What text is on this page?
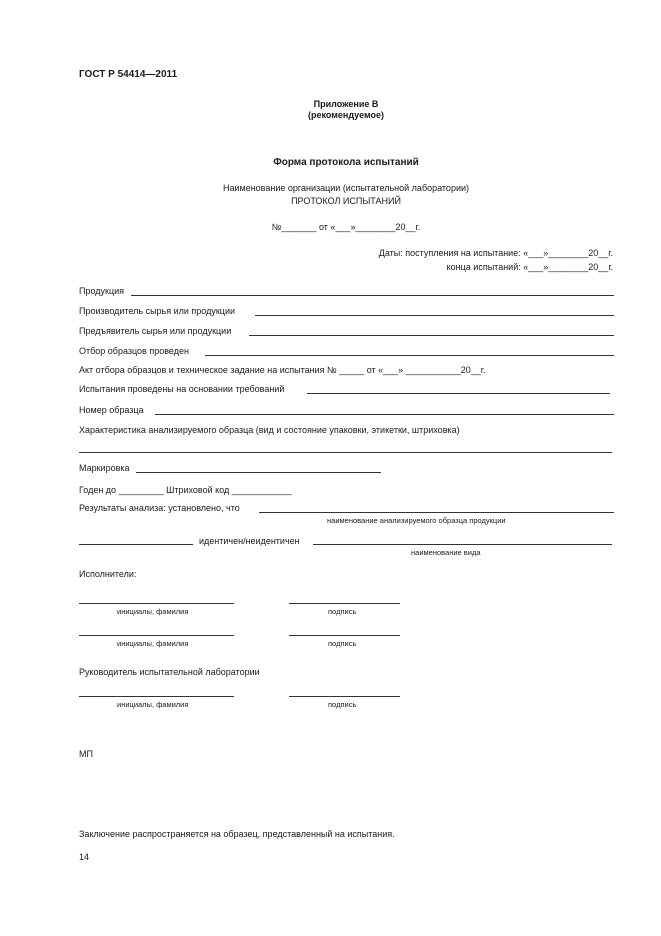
ГОСТ Р 54414—2011
Приложение В
(рекомендуемое)
Форма протокола испытаний
Наименование организации (испытательной лаборатории)
ПРОТОКОЛ ИСПЫТАНИЙ
№_______ от «___»________20__г.
Даты: поступления на испытание: «___»________20__г.
конца испытаний: «___»________20__г.
Продукция
Производитель сырья или продукции
Предъявитель сырья или продукции
Отбор образцов проведен
Акт отбора образцов и техническое задание на испытания № _____ от «___» ___________20__г.
Испытания проведены на основании требований
Номер образца
Характеристика анализируемого образца (вид и состояние упаковки, этикетки, штриховка)
Маркировка
Годен до _________ Штриховой код ____________
Результаты анализа: установлено, что
наименование анализируемого образца продукции
идентичен/неидентичен
наименование вида
Исполнители:
инициалы, фамилия	подпись
инициалы, фамилия	подпись
Руководитель испытательной лаборатории
инициалы, фамилия	подпись
МП
Заключение распространяется на образец, представленный на испытания.
14
